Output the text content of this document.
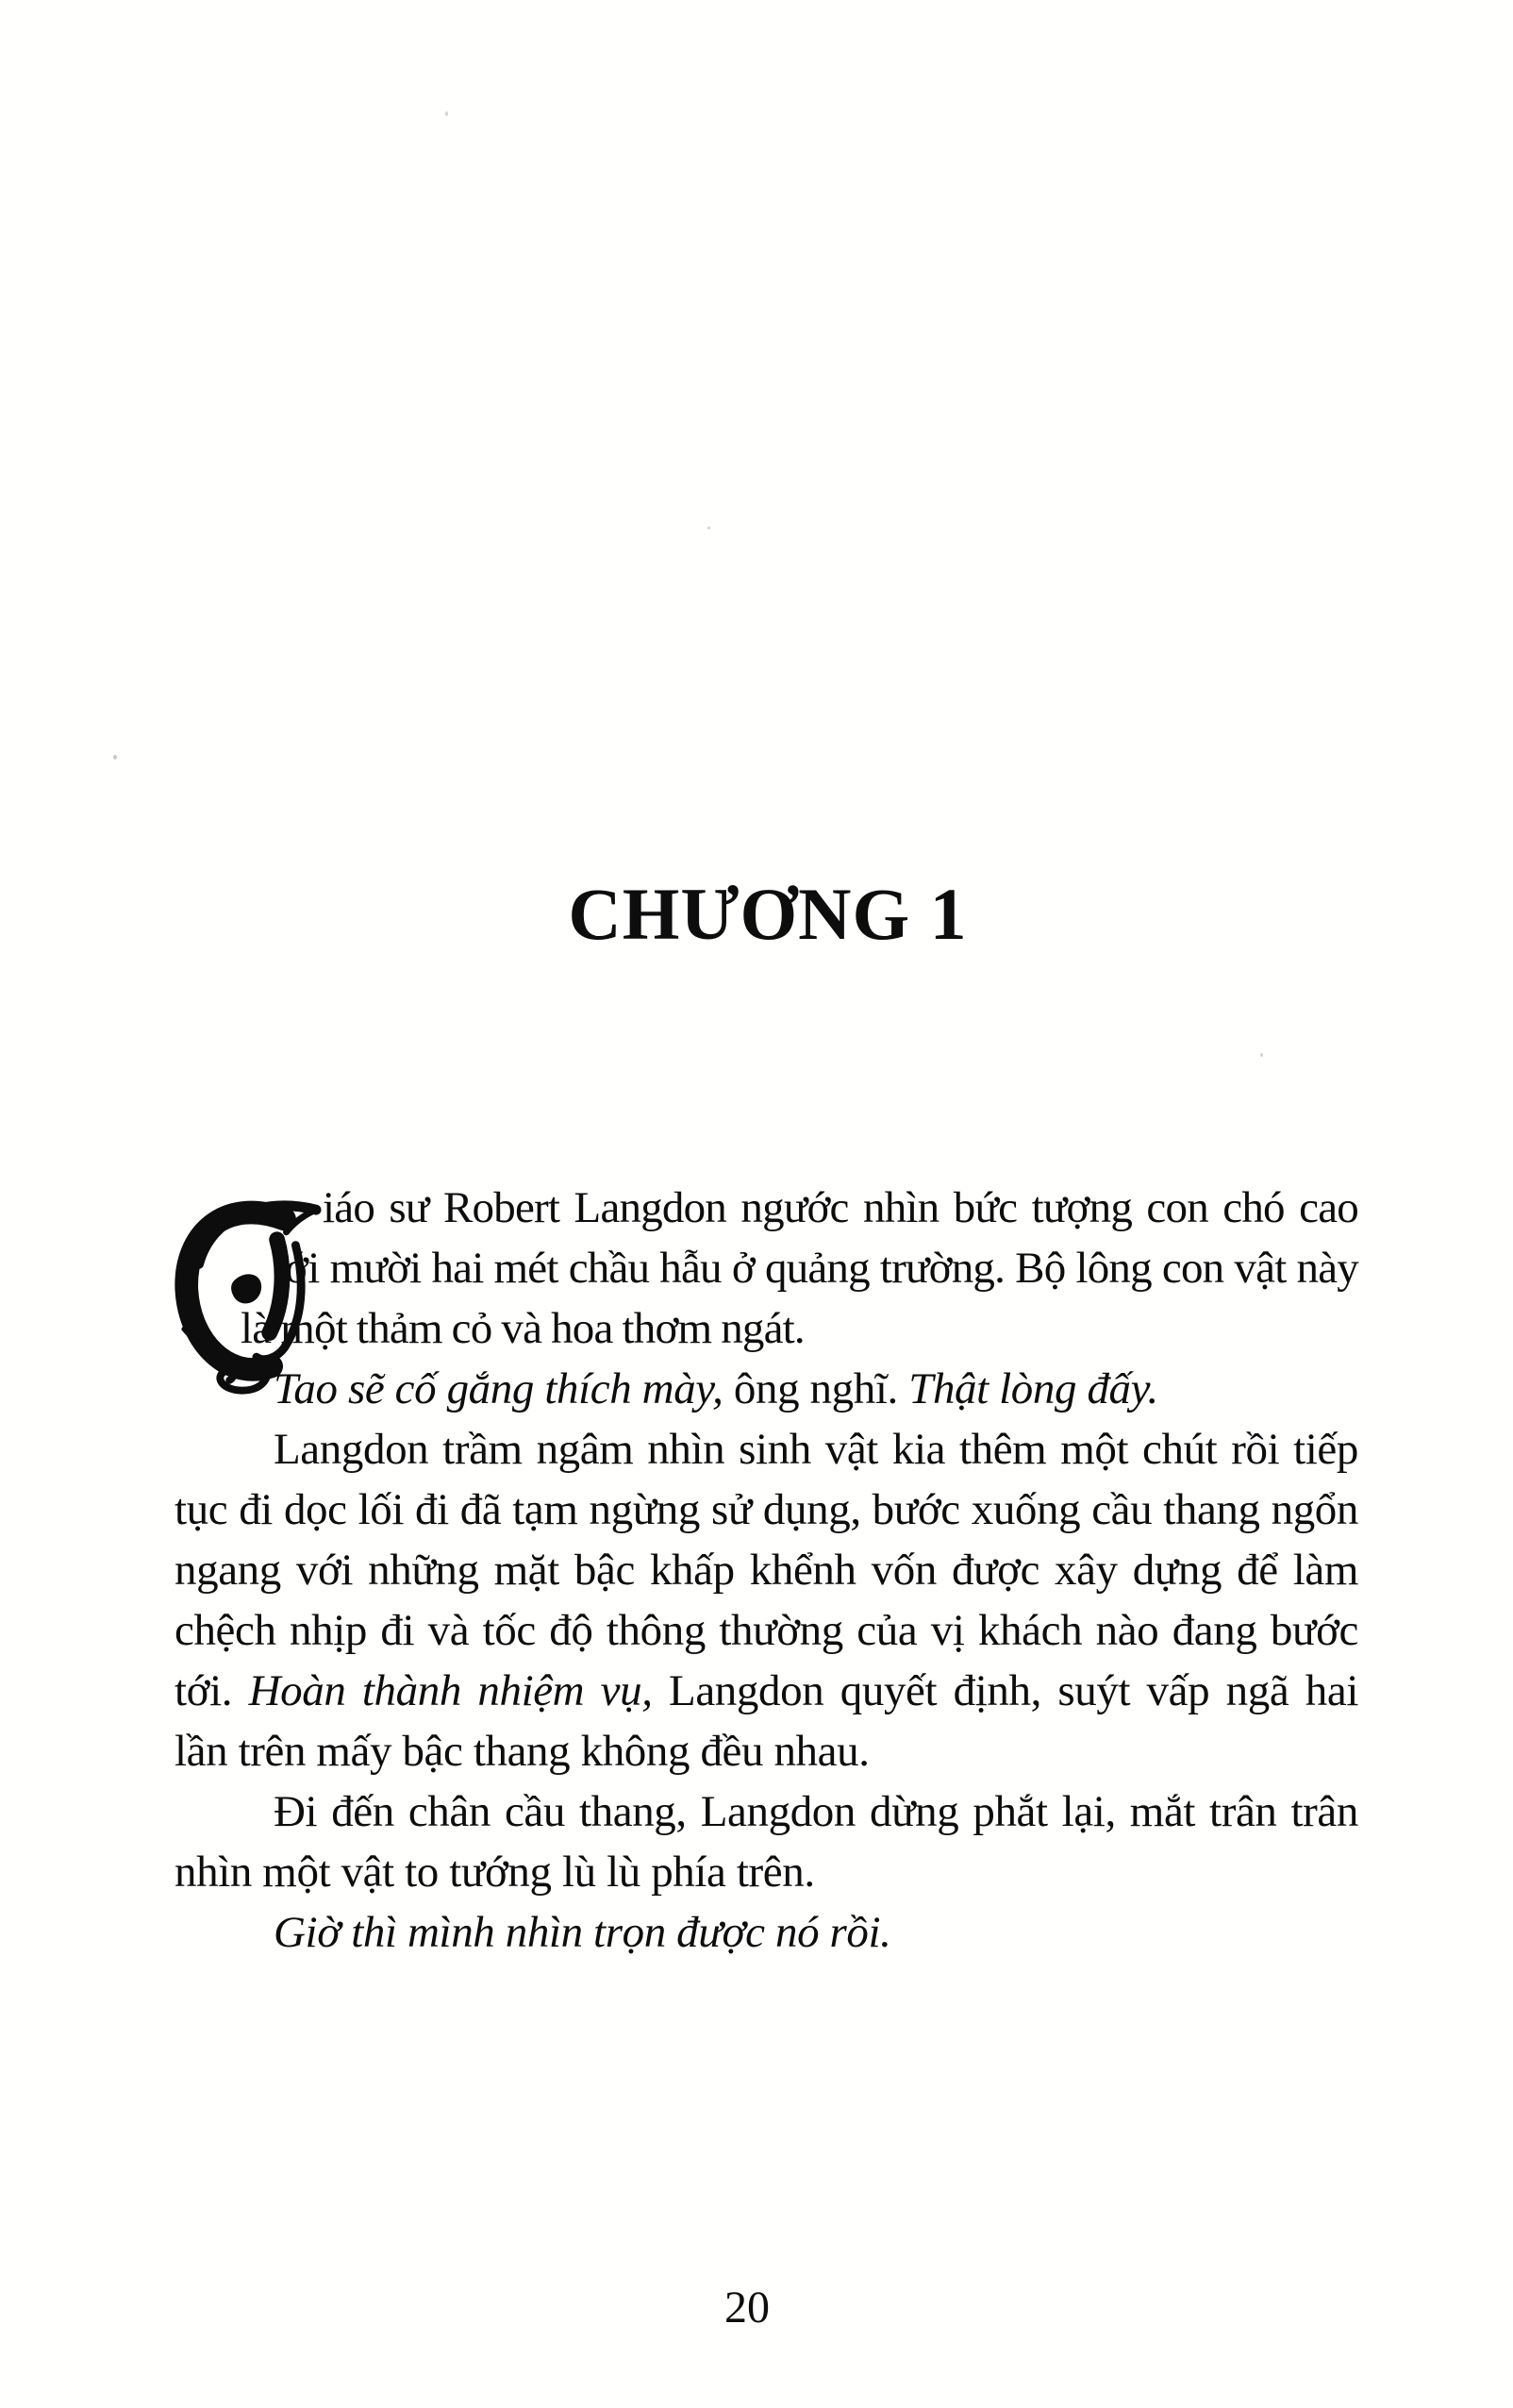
CHƯƠNG 1

iáo sư Robert Langdon ngước nhìn bức tượng con chó cao tới mười hai mét chầu hẫu ở quảng trường. Bộ lông con vật này là một thảm cỏ và hoa thơm ngát.

Tao sẽ cố gắng thích mày, ông nghĩ. Thật lòng đấy.

Langdon trầm ngâm nhìn sinh vật kia thêm một chút rồi tiếp tục đi dọc lối đi đã tạm ngừng sử dụng, bước xuống cầu thang ngổn ngang với những mặt bậc khấp khểnh vốn được xây dựng để làm chệch nhịp đi và tốc độ thông thường của vị khách nào đang bước tới. Hoàn thành nhiệm vụ, Langdon quyết định, suýt vấp ngã hai lần trên mấy bậc thang không đều nhau.

Đi đến chân cầu thang, Langdon dừng phắt lại, mắt trân trân nhìn một vật to tướng lù lù phía trên.

Giờ thì mình nhìn trọn được nó rồi.

20
